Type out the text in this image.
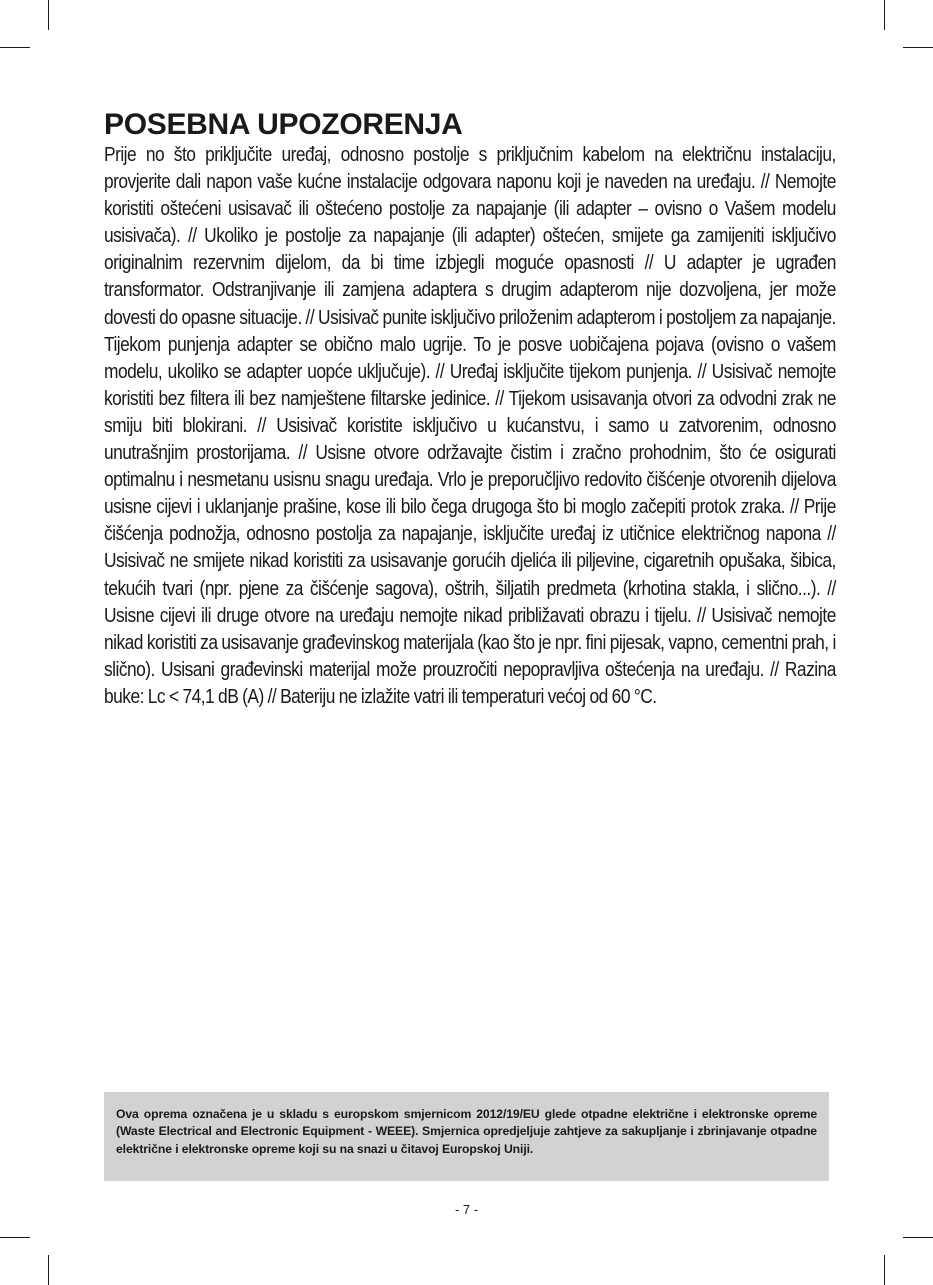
POSEBNA UPOZORENJA

Prije no što priključite uređaj, odnosno postolje s priključnim kabelom na električnu instalaciju, provjerite dali napon vaše kućne instalacije odgovara naponu koji je naveden na uređaju. // Nemojte koristiti oštećeni usisavač ili oštećeno postolje za napajanje (ili adapter – ovisno o Vašem modelu usisivača). // Ukoliko je postolje za napajanje (ili adapter) oštećen, smijete ga zamijeniti isključivo originalnim rezervnim dijelom, da bi time izbjegli moguće opasnosti // U adapter je ugrađen transformator. Odstranjivanje ili zamjena adaptera s drugim adapterom nije dozvoljena, jer može dovesti do opasne situacije. // Usisivač punite isključivo priloženim adapterom i postoljem za napajanje. Tijekom punjenja adapter se obično malo ugrije. To je posve uobičajena pojava (ovisno o vašem modelu, ukoliko se adapter uopće uključuje). // Uređaj isključite tijekom punjenja. // Usisivač nemojte koristiti bez filtera ili bez namještene filtarske jedinice. // Tijekom usisavanja otvori za odvodni zrak ne smiju biti blokirani. // Usisivač koristite isključivo u kućanstvu, i samo u zatvorenim, odnosno unutrašnjim prostorijama. // Usisne otvore održavajte čistim i zračno prohodnim, što će osigurati optimalnu i nesmetanu usisnu snagu uređaja. Vrlo je preporučljivo redovito čišćenje otvorenih dijelova usisne cijevi i uklanjanje prašine, kose ili bilo čega drugoga što bi moglo začepiti protok zraka. // Prije čišćenja podnožja, odnosno postolja za napajanje, isključite uređaj iz utičnice električnog napona // Usisivač ne smijete nikad koristiti za usisavanje gorućih djelića ili piljevine, cigaretnih opušaka, šibica, tekućih tvari (npr. pjene za čišćenje sagova), oštrih, šiljatih predmeta (krhotina stakla, i slično...). // Usisne cijevi ili druge otvore na uređaju nemojte nikad približavati obrazu i tijelu. // Usisivač nemojte nikad koristiti za usisavanje građevinskog materijala (kao što je npr. fini pijesak, vapno, cementni prah, i slično). Usisani građevinski materijal može prouzročiti nepopravljiva oštećenja na uređaju. // Razina buke: Lc < 74,1 dB (A) // Bateriju ne izlažite vatri ili temperaturi većoj od 60 °C.

Ova oprema označena je u skladu s europskom smjernicom 2012/19/EU glede otpadne električne i elektronske opreme (Waste Electrical and Electronic Equipment - WEEE). Smjernica opredjeljuje zahtjeve za sakupljanje i zbrinjavanje otpadne električne i elektronske opreme koji su na snazi u čitavoj Europskoj Uniji.

- 7 -
